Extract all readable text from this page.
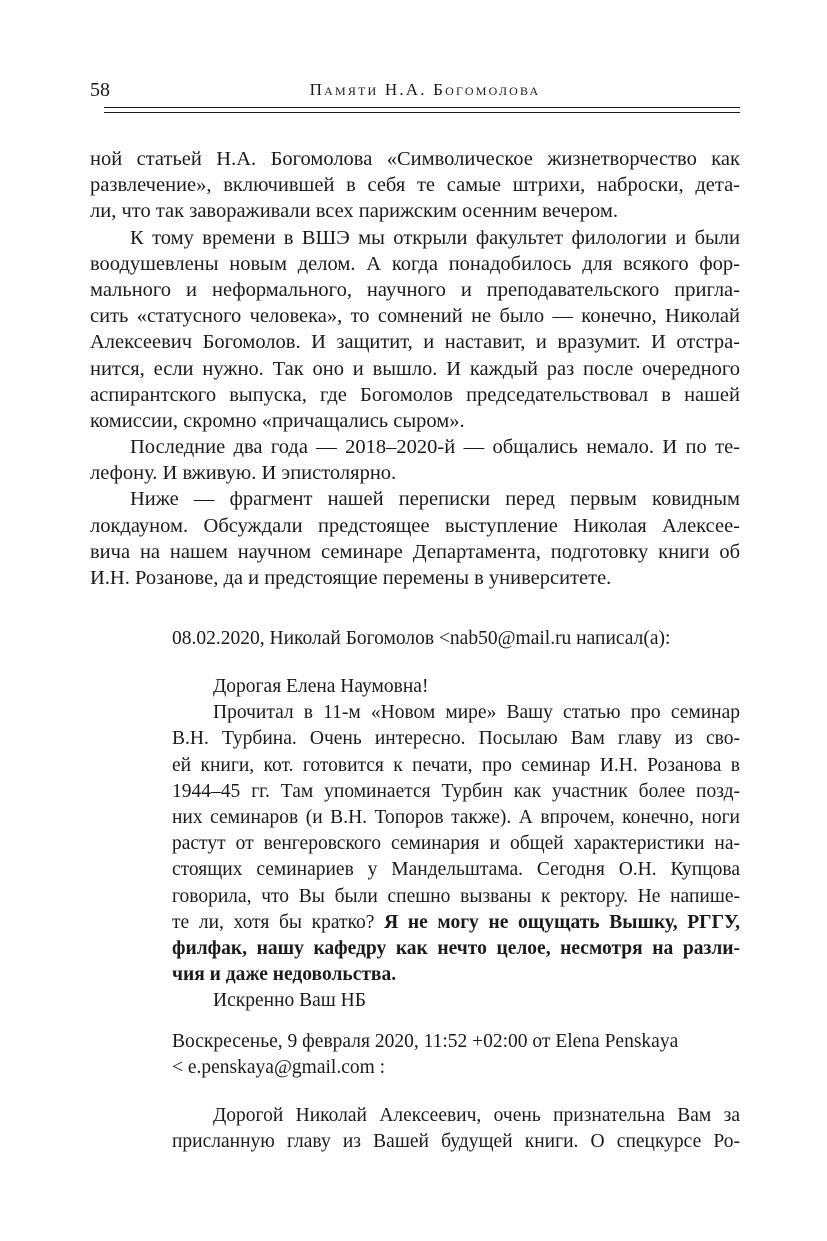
58	Памяти Н.А. Богомолова
ной статьей Н.А. Богомолова «Символическое жизнетворчество как
развлечение», включившей в себя те самые штрихи, наброски, дета-
ли, что так завораживали всех парижским осенним вечером.
К тому времени в ВШЭ мы открыли факультет филологии и были
воодушевлены новым делом. А когда понадобилось для всякого фор-
мального и неформального, научного и преподавательского пригла-
сить «статусного человека», то сомнений не было — конечно, Николай
Алексеевич Богомолов. И защитит, и наставит, и вразумит. И отстра-
нится, если нужно. Так оно и вышло. И каждый раз после очередного
аспирантского выпуска, где Богомолов председательствовал в нашей
комиссии, скромно «причащались сыром».
Последние два года — 2018–2020-й — общались немало. И по те-
лефону. И вживую. И эпистолярно.
Ниже — фрагмент нашей переписки перед первым ковидным
локдауном. Обсуждали предстоящее выступление Николая Алексее-
вича на нашем научном семинаре Департамента, подготовку книги об
И.Н. Розанове, да и предстоящие перемены в университете.
08.02.2020, Николай Богомолов <nab50@mail.ru написал(а):
Дорогая Елена Наумовна!
Прочитал в 11-м «Новом мире» Вашу статью про семинар
В.Н. Турбина. Очень интересно. Посылаю Вам главу из сво-
ей книги, кот. готовится к печати, про семинар И.Н. Розанова в
1944–45 гг. Там упоминается Турбин как участник более позд-
них семинаров (и В.Н. Топоров также). А впрочем, конечно, ноги
растут от венгеровского семинария и общей характеристики на-
стоящих семинариев у Мандельштама. Сегодня О.Н. Купцова
говорила, что Вы были спешно вызваны к ректору. Не напише-
те ли, хотя бы кратко? Я не могу не ощущать Вышку, РГГУ,
филфак, нашу кафедру как нечто целое, несмотря на разли-
чия и даже недовольства.
Искренно Ваш НБ
Воскресенье, 9 февраля 2020, 11:52 +02:00 от Elena Penskaya
< e.penskaya@gmail.com :
Дорогой Николай Алексеевич, очень признательна Вам за
присланную главу из Вашей будущей книги. О спецкурсе Ро-
